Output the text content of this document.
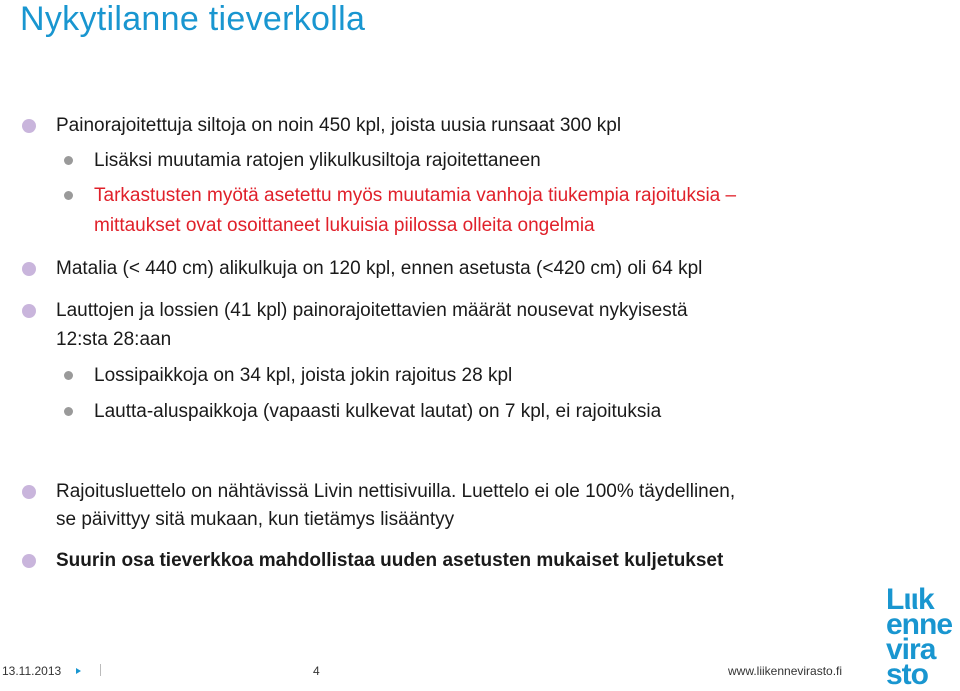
Nykytilanne tieverkolla
Painorajoitettuja siltoja on noin 450 kpl, joista uusia runsaat 300 kpl
Lisäksi muutamia ratojen ylikulkusiltoja rajoitettaneen
Tarkastusten myötä asetettu myös muutamia vanhoja tiukempia rajoituksia –
mittaukset ovat osoittaneet lukuisia piilossa olleita ongelmia
Matalia (< 440 cm) alikulkuja on 120 kpl, ennen asetusta (<420 cm) oli 64 kpl
Lauttojen ja lossien (41 kpl) painorajoitettavien määrät nousevat nykyisestä
12:sta 28:aan
Lossipaikkoja on 34 kpl, joista jokin rajoitus 28 kpl
Lautta-aluspaikkoja (vapaasti kulkevat lautat) on 7 kpl, ei rajoituksia
Rajoitusluettelo on nähtävissä Livin nettisivuilla. Luettelo ei ole 100% täydellinen,
se päivittyy sitä mukaan, kun tietämys lisääntyy
Suurin osa tieverkkoa mahdollistaa uuden asetusten mukaiset kuljetukset
Lιιk
enne
vira
sto
13.11.2013	4	www.liikennevirasto.fi
